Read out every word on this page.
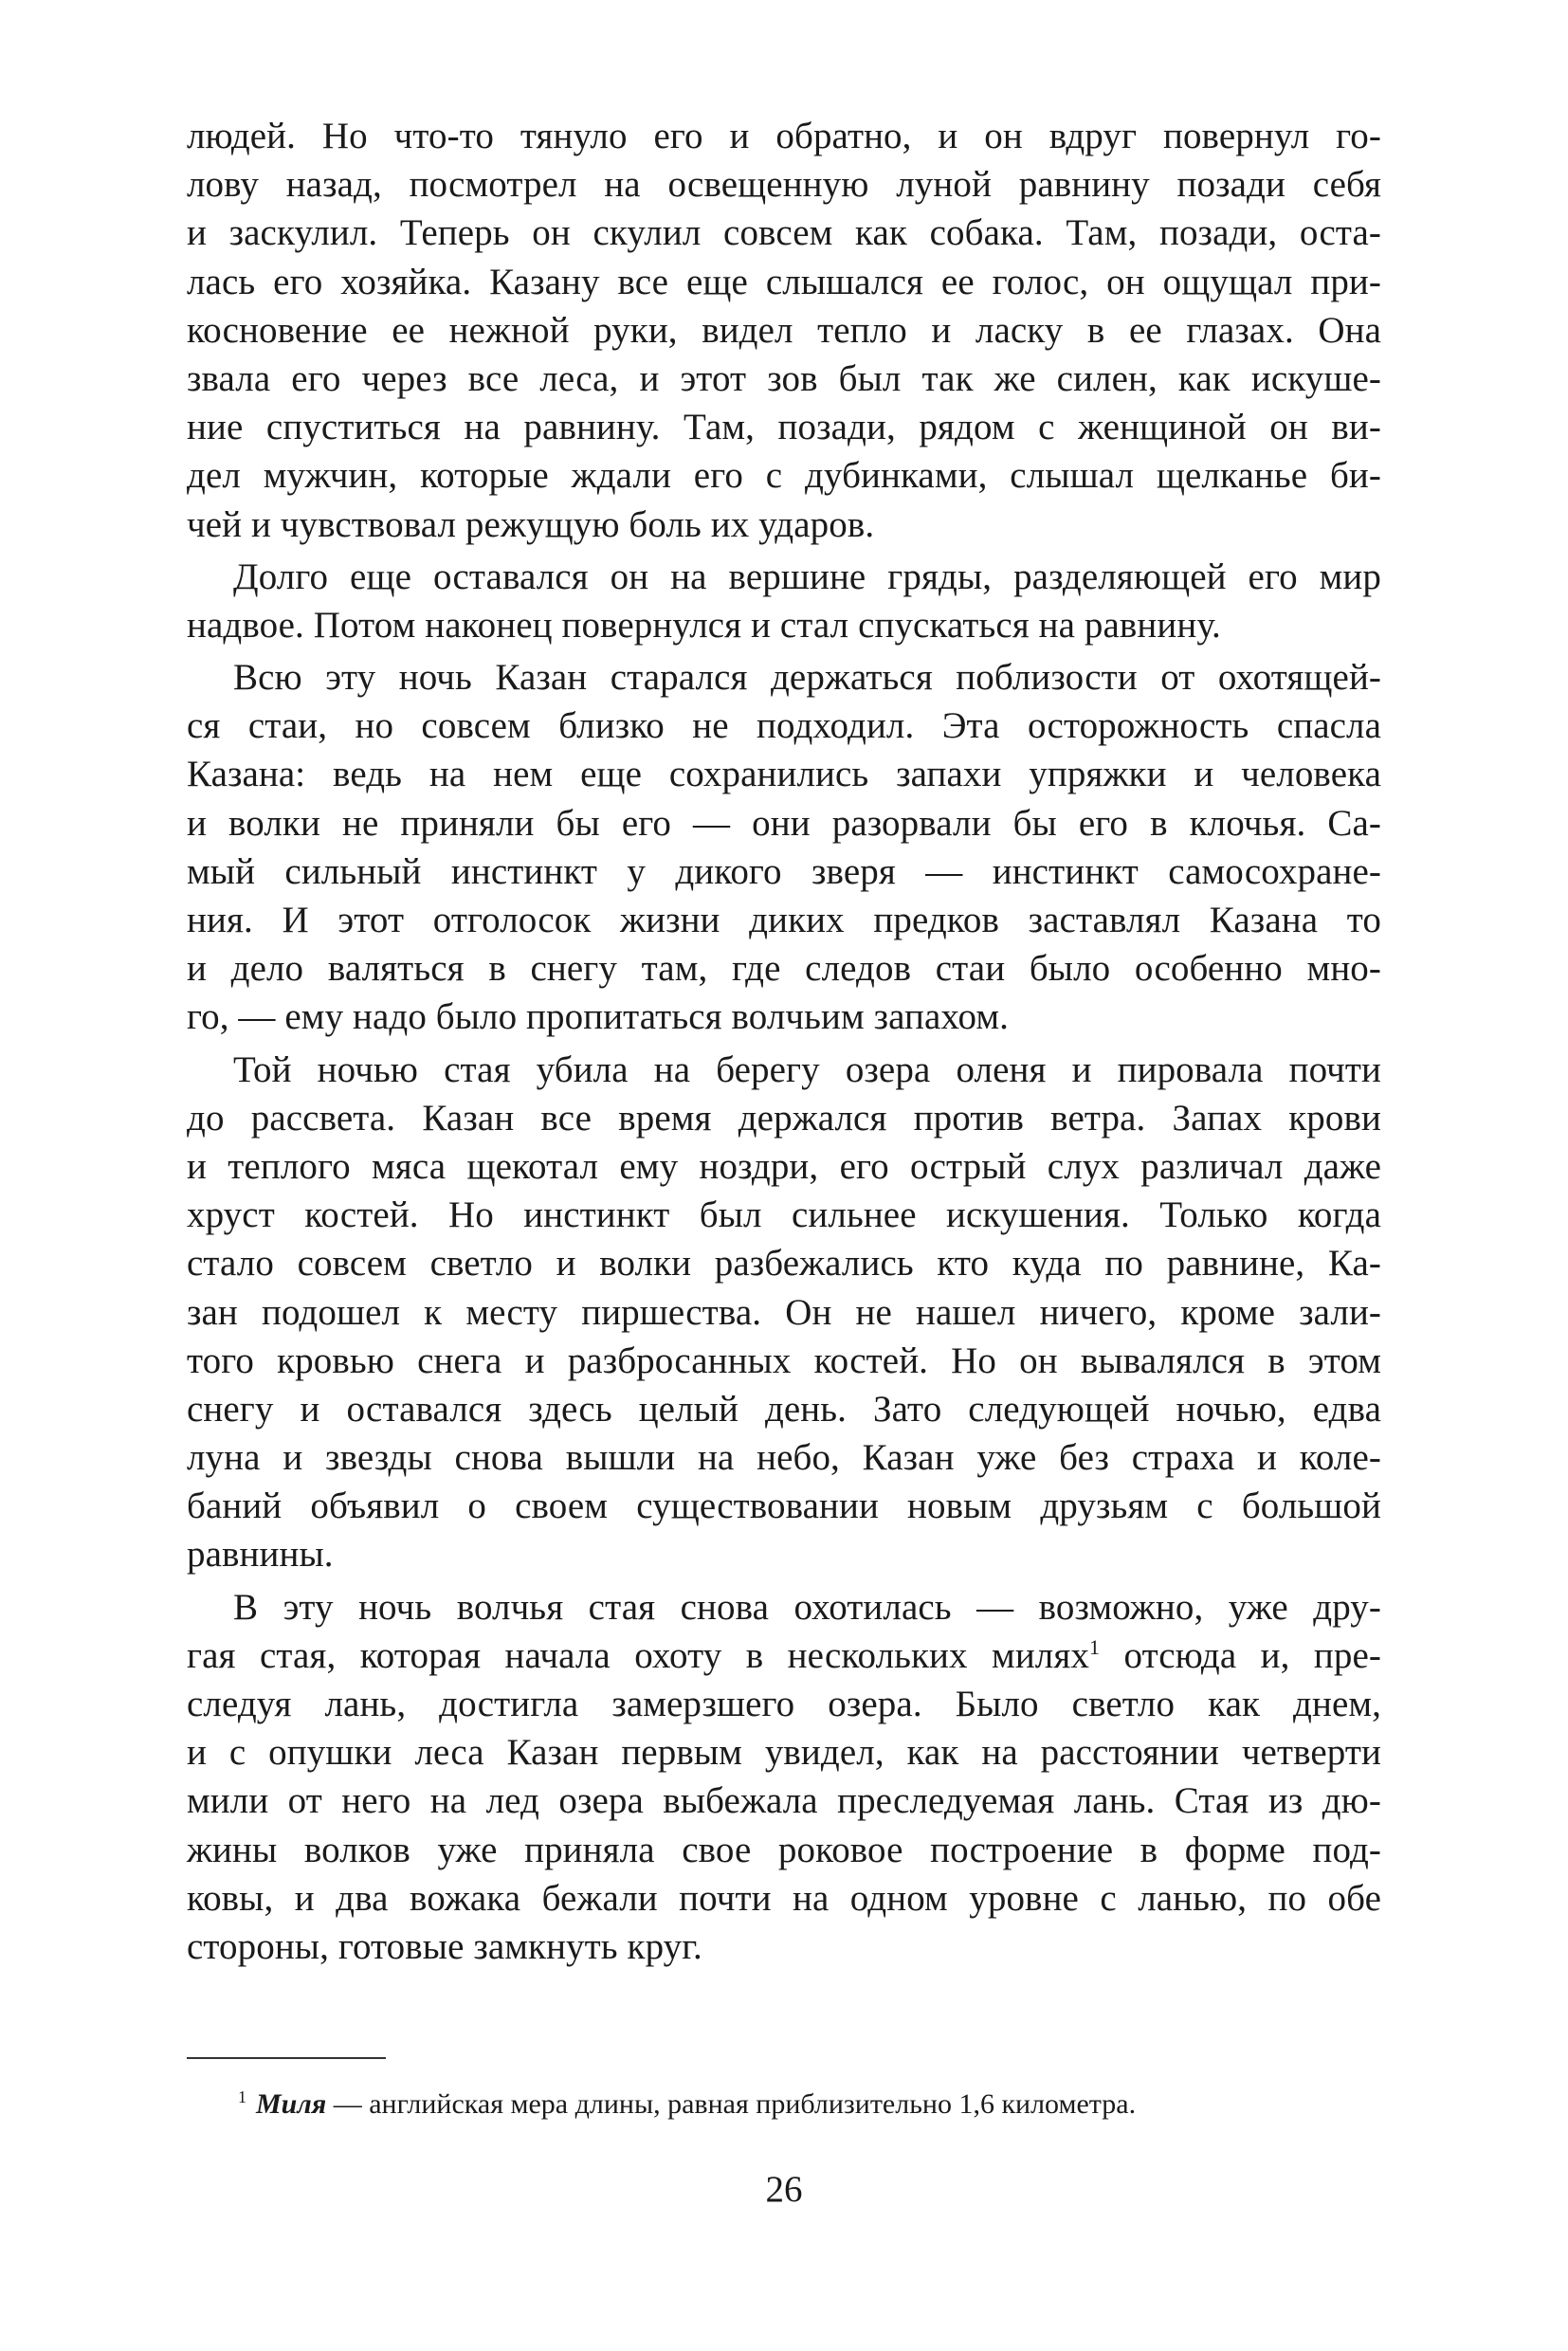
людей. Но что-то тянуло его и обратно, и он вдруг повернул го-
лову назад, посмотрел на освещенную луной равнину позади себя
и заскулил. Теперь он скулил совсем как собака. Там, позади, оста-
лась его хозяйка. Казану все еще слышался ее голос, он ощущал при-
косновение ее нежной руки, видел тепло и ласку в ее глазах. Она
звала его через все леса, и этот зов был так же силен, как искуше-
ние спуститься на равнину. Там, позади, рядом с женщиной он ви-
дел мужчин, которые ждали его с дубинками, слышал щелканье би-
чей и чувствовал режущую боль их ударов.
Долго еще оставался он на вершине гряды, разделяющей его мир
надвое. Потом наконец повернулся и стал спускаться на равнину.
Всю эту ночь Казан старался держаться поблизости от охотящей-
ся стаи, но совсем близко не подходил. Эта осторожность спасла
Казана: ведь на нем еще сохранились запахи упряжки и человека
и волки не приняли бы его — они разорвали бы его в клочья. Са-
мый сильный инстинкт у дикого зверя — инстинкт самосохране-
ния. И этот отголосок жизни диких предков заставлял Казана то
и дело валяться в снегу там, где следов стаи было особенно мно-
го, — ему надо было пропитаться волчьим запахом.
Той ночью стая убила на берегу озера оленя и пировала почти
до рассвета. Казан все время держался против ветра. Запах крови
и теплого мяса щекотал ему ноздри, его острый слух различал даже
хруст костей. Но инстинкт был сильнее искушения. Только когда
стало совсем светло и волки разбежались кто куда по равнине, Ка-
зан подошел к месту пиршества. Он не нашел ничего, кроме зали-
того кровью снега и разбросанных костей. Но он вывалялся в этом
снегу и оставался здесь целый день. Зато следующей ночью, едва
луна и звезды снова вышли на небо, Казан уже без страха и коле-
баний объявил о своем существовании новым друзьям с большой
равнины.
В эту ночь волчья стая снова охотилась — возможно, уже дру-
гая стая, которая начала охоту в нескольких милях$^1$ отсюда и, пре-
следуя лань, достигла замерзшего озера. Было светло как днем,
и с опушки леса Казан первым увидел, как на расстоянии четверти
мили от него на лед озера выбежала преследуемая лань. Стая из дю-
жины волков уже приняла свое роковое построение в форме под-
ковы, и два вожака бежали почти на одном уровне с ланью, по обе
стороны, готовые замкнуть круг.
$^1$ Миля — английская мера длины, равная приблизительно 1,6 километра.
26
